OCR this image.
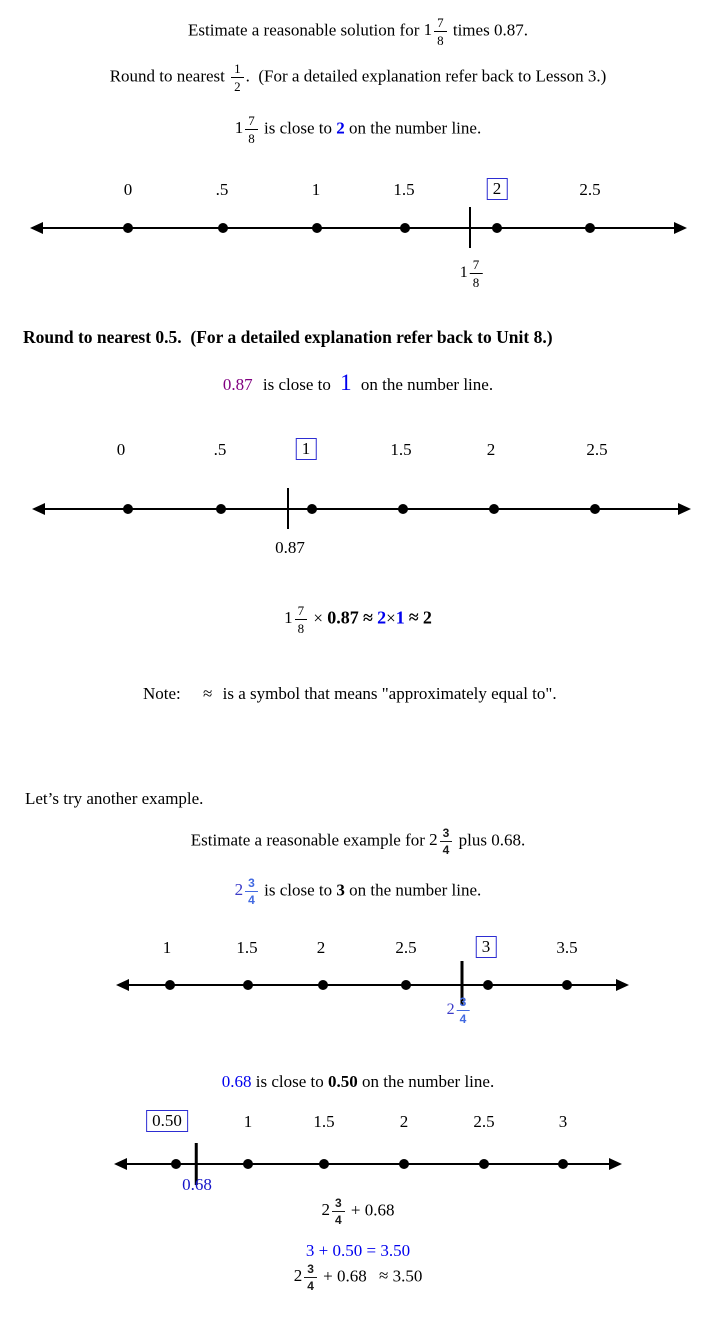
Estimate a reasonable solution for $1 \frac{7}{8}$ times 0.87.
Round to nearest $\frac{1}{2}$ .  (For a detailed explanation refer back to Lesson 3.)
$1 \frac{7}{8}$ is close to 2 on the number line.
0	.5	1	1.5	2	2.5
$1 \frac{7}{8}$
Round to nearest 0.5.  (For a detailed explanation refer back to Unit 8.)
0.87 is close to 1 on the number line.
0	.5	1	1.5	2	2.5
0.87
$1 \frac{7}{8} \times 0.87 \approx 2\times 1 \approx 2$
Note: ≈ is a symbol that means "approximately equal to".
Let’s try another example.
Estimate a reasonable example for $2 \frac{3}{4}$ plus 0.68.
$2 \frac{3}{4}$ is close to 3 on the number line.
1	1.5	2	2.5	3	3.5
$2 \frac{3}{4}$
0.68 is close to 0.50 on the number line.
0.50	1	1.5	2	2.5	3
0.68
$2 \frac{3}{4} + 0.68$
3 + 0.50 = 3.50
$2 \frac{3}{4} + 0.68 \approx 3.50$
